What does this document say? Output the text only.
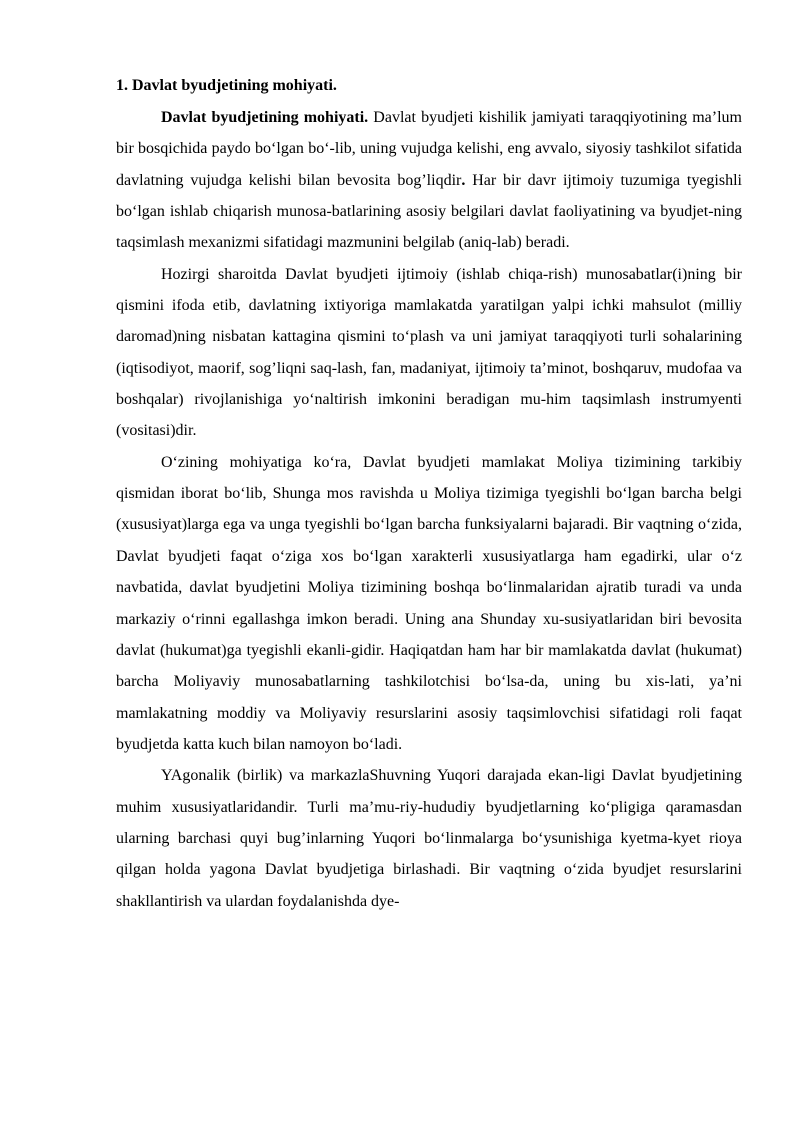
1. Davlat byudjetining mohiyati.

Davlat byudjetining mohiyati. Davlat byudjeti kishilik jamiyati taraqqiyotining maʼlum bir bosqichida paydo boʻlgan boʻ-lib, uning vujudga kelishi, eng avvalo, siyosiy tashkilot sifatida davlatning vujudga kelishi bilan bevosita bogʼliqdir. Har bir davr ijtimoiy tuzumiga tyegishli boʻlgan ishlab chiqarish munosa-batlarining asosiy belgilari davlat faoliyatining va byudjet-ning taqsimlash mexanizmi sifatidagi mazmunini belgilab (aniq-lab) beradi.

Hozirgi sharoitda Davlat byudjeti ijtimoiy (ishlab chiqa-rish) munosabatlar(i)ning bir qismini ifoda etib, davlatning ixtiyoriga mamlakatda yaratilgan yalpi ichki mahsulot (milliy daromad)ning nisbatan kattagina qismini toʻplash va uni jamiyat taraqqiyoti turli sohalarining (iqtisodiyot, maorif, sogʼliqni saq-lash, fan, madaniyat, ijtimoiy taʼminot, boshqaruv, mudofaa va boshqalar) rivojlanishiga yoʻnaltirish imkonini beradigan mu-him taqsimlash instrumyenti (vositasi)dir.

Oʻzining mohiyatiga koʻra, Davlat byudjeti mamlakat Moliya tizimining tarkibiy qismidan iborat boʻlib, Shunga mos ravishda u Moliya tizimiga tyegishli boʻlgan barcha belgi (xususiyat)larga ega va unga tyegishli boʻlgan barcha funksiyalarni bajaradi. Bir vaqtning oʻzida, Davlat byudjeti faqat oʻziga xos boʻlgan xarakterli xususiyatlarga ham egadirki, ular oʻz navbatida, davlat byudjetini Moliya tizimining boshqa boʻlinmalaridan ajratib turadi va unda markaziy oʻrinni egallashga imkon beradi. Uning ana Shunday xu-susiyatlaridan biri bevosita davlat (hukumat)ga tyegishli ekanli-gidir. Haqiqatdan ham har bir mamlakatda davlat (hukumat) barcha Moliyaviy munosabatlarning tashkilotchisi boʻlsa-da, uning bu xis-lati, yaʼni mamlakatning moddiy va Moliyaviy resurslarini asosiy taqsimlovchisi sifatidagi roli faqat byudjetda katta kuch bilan namoyon boʻladi.

YAgonalik (birlik) va markazlaShuvning Yuqori darajada ekan-ligi Davlat byudjetining muhim xususiyatlaridandir. Turli maʼmu-riy-hududiy byudjetlarning koʻpligiga qaramasdan ularning barchasi quyi bugʼinlarning Yuqori boʻlinmalarga boʻysunishiga kyetma-kyet rioya qilgan holda yagona Davlat byudjetiga birlashadi. Bir vaqtning oʻzida byudjet resurslarini shakllantirish va ulardan foydalanishda dye-
